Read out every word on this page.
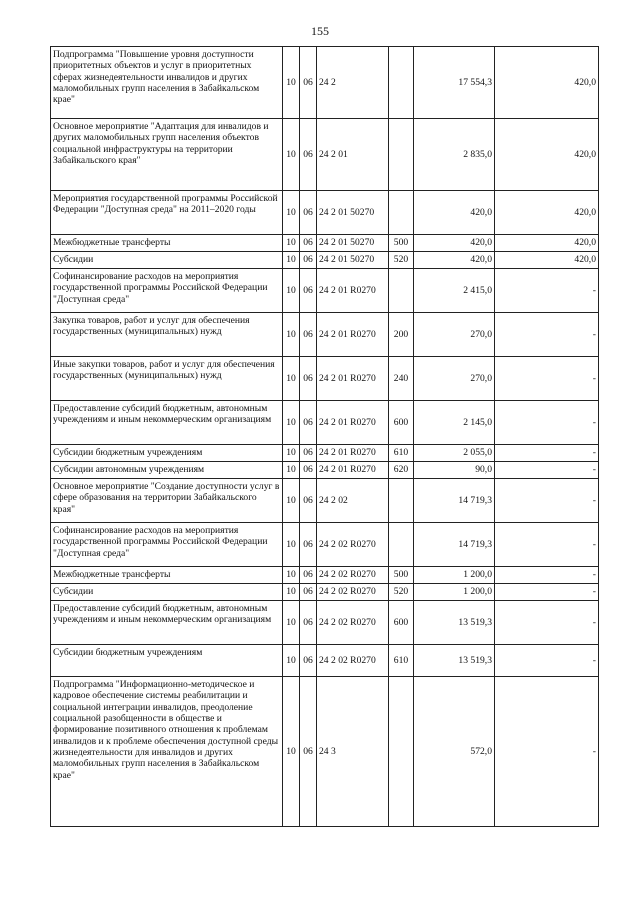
155
Подпрограмма "Повышение уровня доступности приоритетных объектов и услуг в приоритетных сферах жизнедеятельности инвалидов и других маломобильных групп населения в Забайкальском крае"	10	06	24 2		17 554,3	420,0
Основное мероприятие "Адаптация для инвалидов и других маломобильных групп населения объектов социальной инфраструктуры на территории Забайкальского края"	10	06	24 2 01		2 835,0	420,0
Мероприятия государственной программы Российской Федерации "Доступная среда" на 2011–2020 годы	10	06	24 2 01 50270		420,0	420,0
Межбюджетные трансферты	10	06	24 2 01 50270	500	420,0	420,0
Субсидии	10	06	24 2 01 50270	520	420,0	420,0
Софинансирование расходов на мероприятия государственной программы Российской Федерации "Доступная среда"	10	06	24 2 01 R0270		2 415,0	-
Закупка товаров, работ и услуг для обеспечения государственных (муниципальных) нужд	10	06	24 2 01 R0270	200	270,0	-
Иные закупки товаров, работ и услуг для обеспечения государственных (муниципальных) нужд	10	06	24 2 01 R0270	240	270,0	-
Предоставление субсидий бюджетным, автономным учреждениям и иным некоммерческим организациям	10	06	24 2 01 R0270	600	2 145,0	-
Субсидии бюджетным учреждениям	10	06	24 2 01 R0270	610	2 055,0	-
Субсидии автономным учреждениям	10	06	24 2 01 R0270	620	90,0	-
Основное мероприятие "Создание доступности услуг в сфере образования на территории Забайкальского края"	10	06	24 2 02		14 719,3	-
Софинансирование расходов на мероприятия государственной программы Российской Федерации "Доступная среда"	10	06	24 2 02 R0270		14 719,3	-
Межбюджетные трансферты	10	06	24 2 02 R0270	500	1 200,0	-
Субсидии	10	06	24 2 02 R0270	520	1 200,0	-
Предоставление субсидий бюджетным, автономным учреждениям и иным некоммерческим организациям	10	06	24 2 02 R0270	600	13 519,3	-
Субсидии бюджетным учреждениям	10	06	24 2 02 R0270	610	13 519,3	-
Подпрограмма "Информационно-методическое и кадровое обеспечение системы реабилитации и социальной интеграции инвалидов, преодоление социальной разобщенности в обществе и формирование позитивного отношения к проблемам инвалидов и к проблеме обеспечения доступной среды жизнедеятельности для инвалидов и других маломобильных групп населения в Забайкальском крае"	10	06	24 3		572,0	-
